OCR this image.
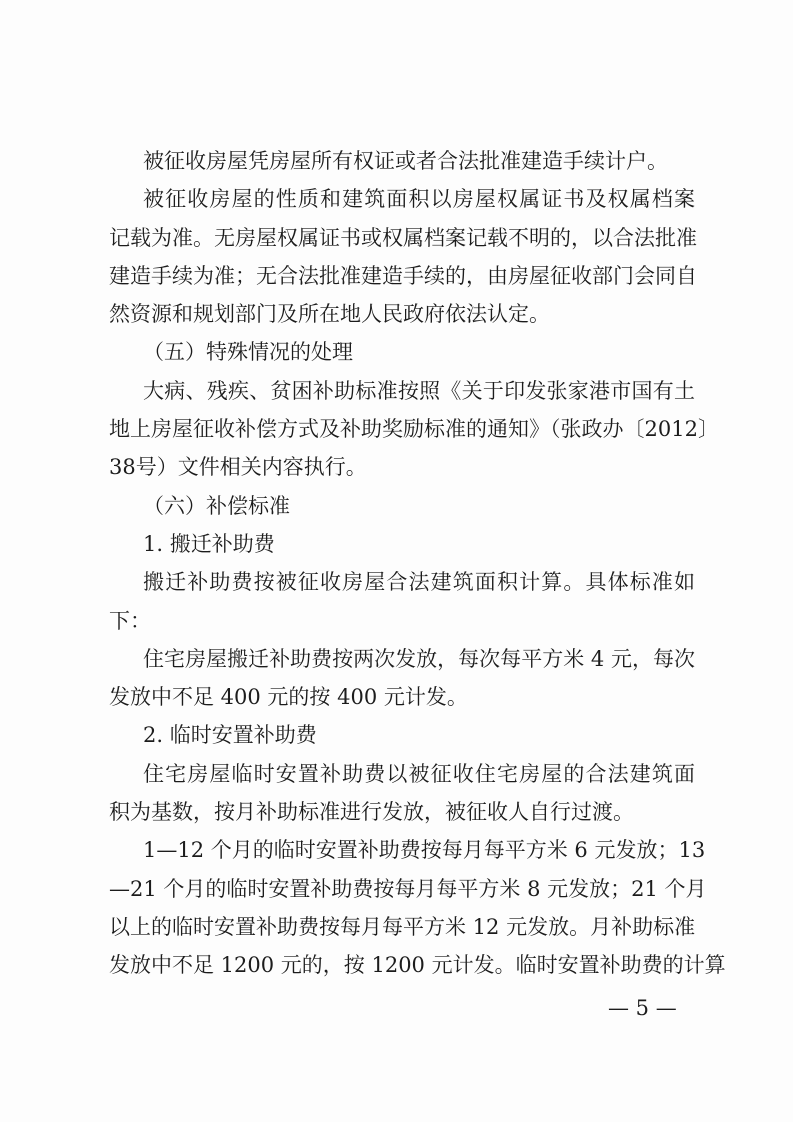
被征收房屋凭房屋所有权证或者合法批准建造手续计户。
被征收房屋的性质和建筑面积以房屋权属证书及权属档案
记载为准。无房屋权属证书或权属档案记载不明的，以合法批准
建造手续为准；无合法批准建造手续的，由房屋征收部门会同自
然资源和规划部门及所在地人民政府依法认定。
（五）特殊情况的处理
大病、残疾、贫困补助标准按照《关于印发张家港市国有土
地上房屋征收补偿方式及补助奖励标准的通知》（张政办〔2012〕
38号）文件相关内容执行。
（六）补偿标准
1. 搬迁补助费
搬迁补助费按被征收房屋合法建筑面积计算。具体标准如
下：
住宅房屋搬迁补助费按两次发放，每次每平方米 4 元，每次
发放中不足 400 元的按 400 元计发。
2. 临时安置补助费
住宅房屋临时安置补助费以被征收住宅房屋的合法建筑面
积为基数，按月补助标准进行发放，被征收人自行过渡。
1—12 个月的临时安置补助费按每月每平方米 6 元发放；13
—21 个月的临时安置补助费按每月每平方米 8 元发放；21 个月
以上的临时安置补助费按每月每平方米 12 元发放。月补助标准
发放中不足 1200 元的，按 1200 元计发。临时安置补助费的计算
— 5 —
